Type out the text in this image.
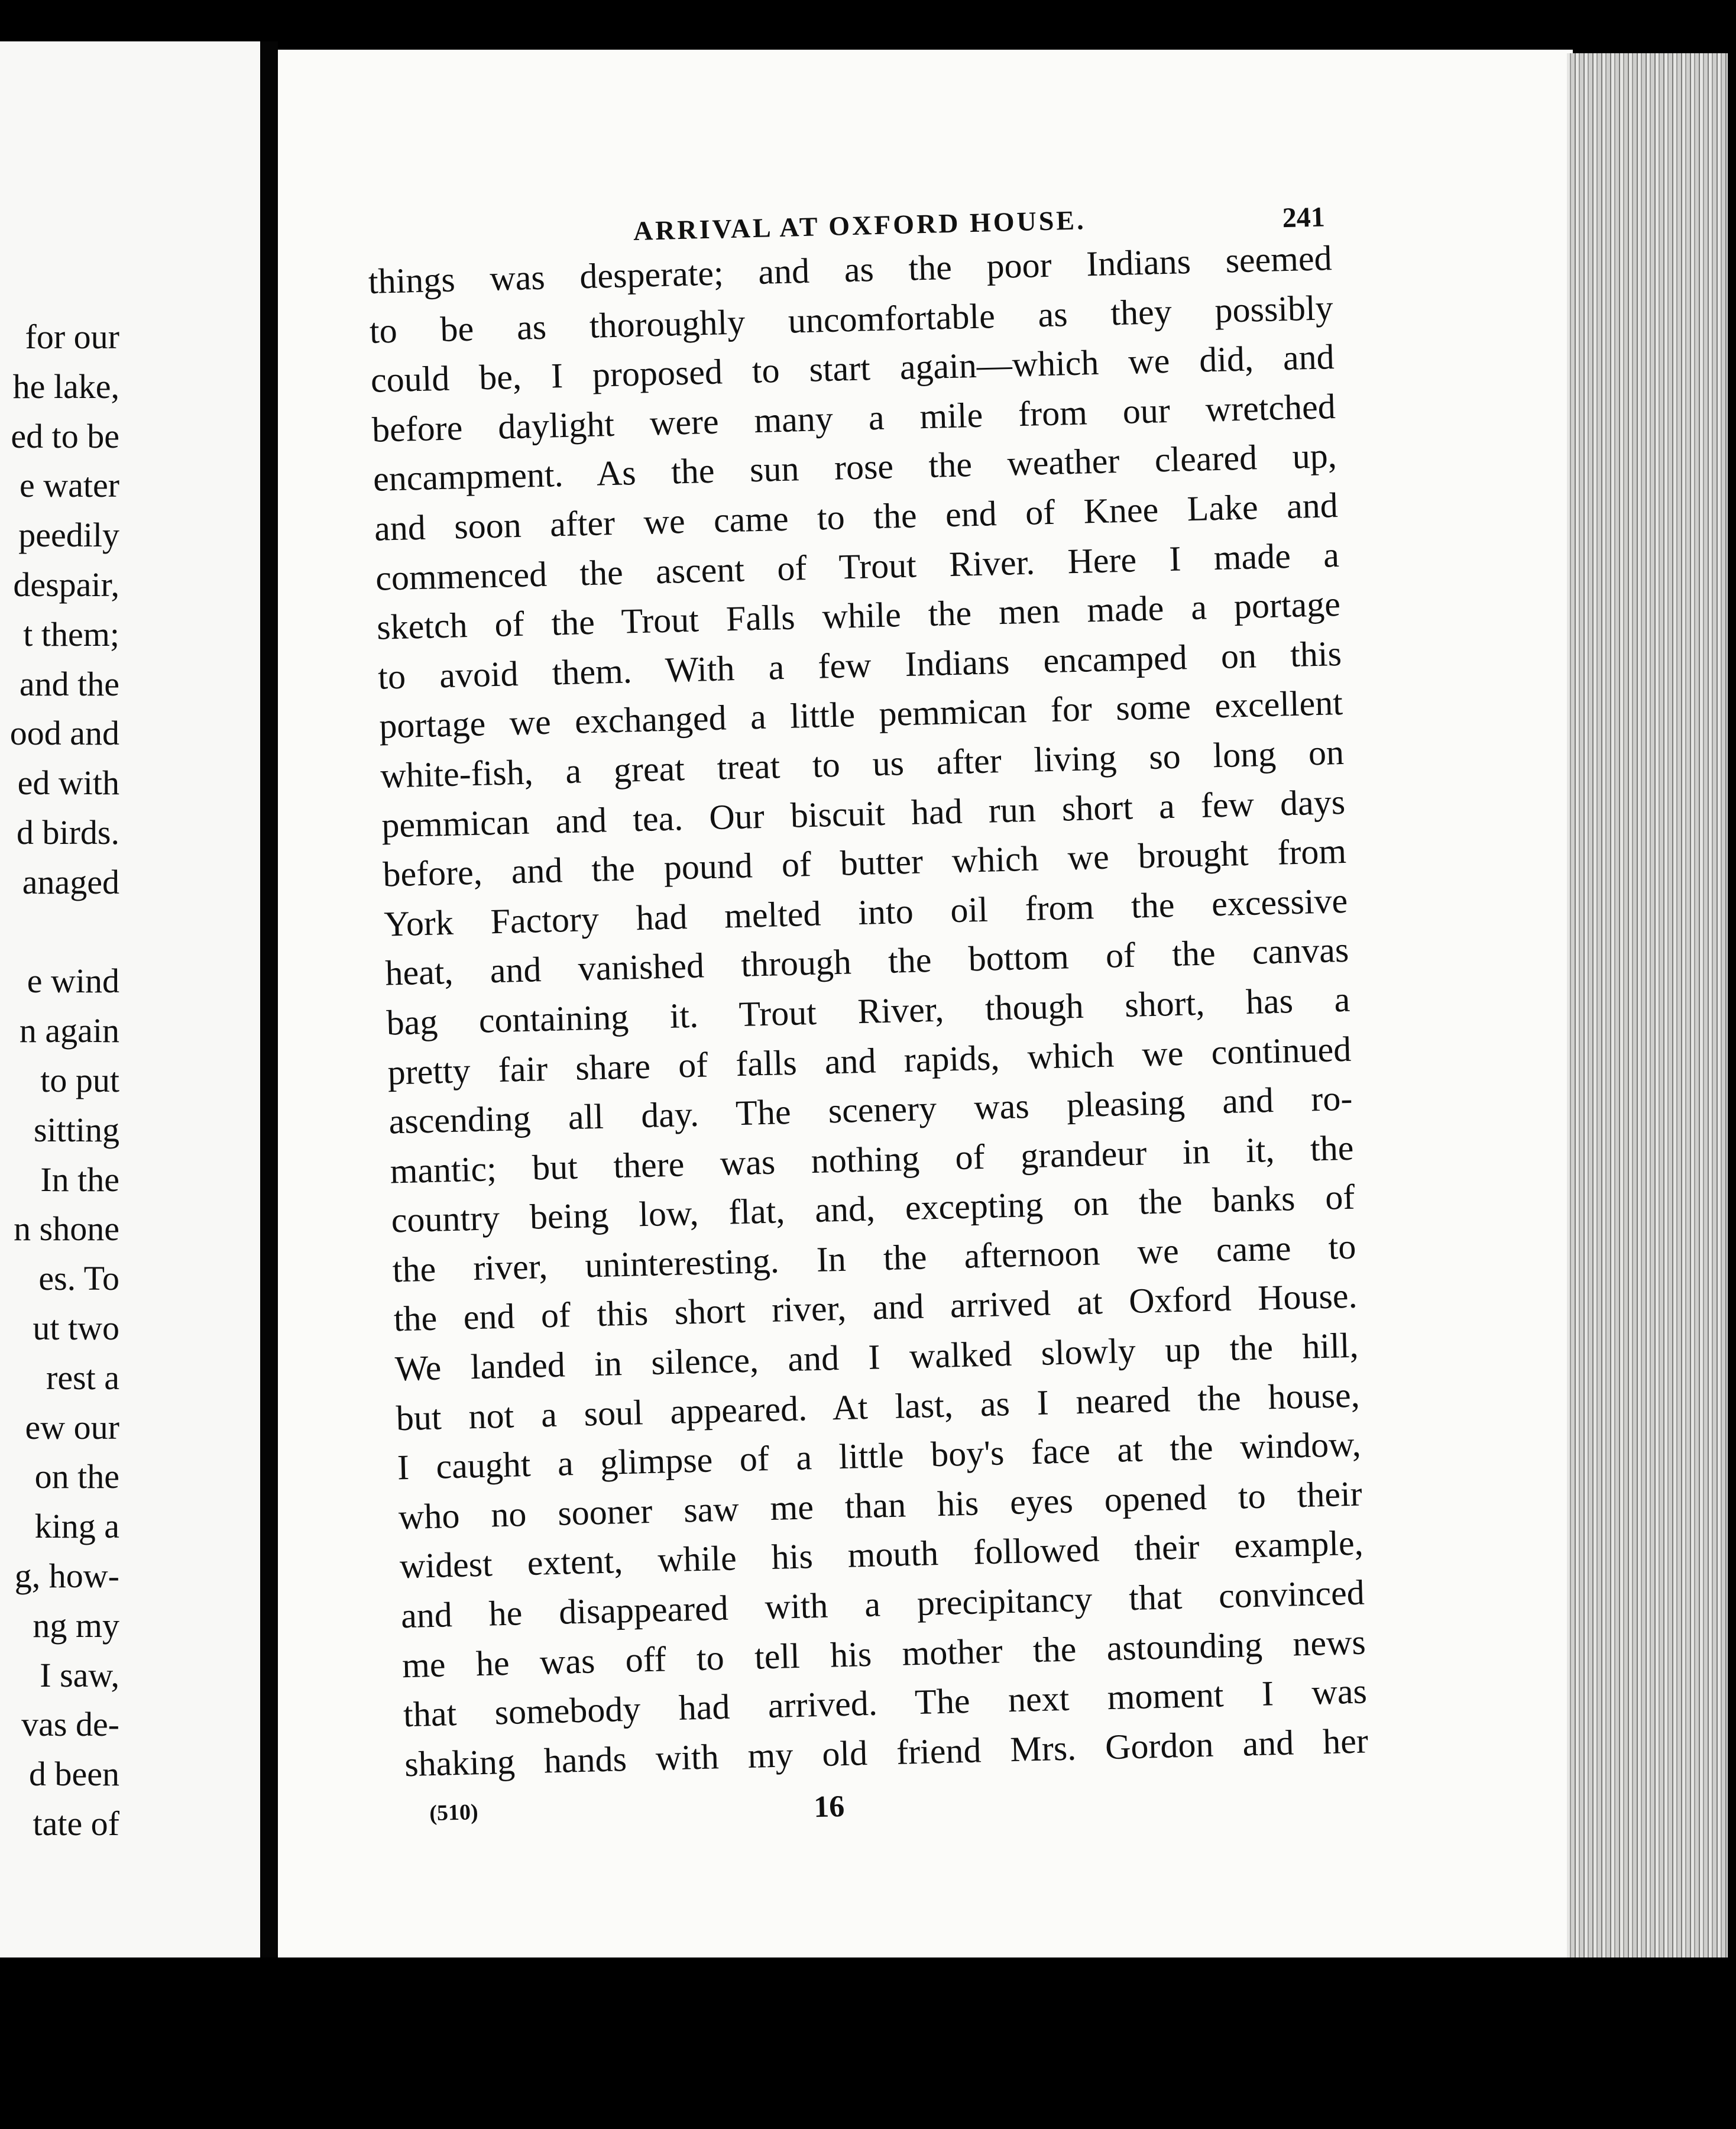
for our
he lake,
ed to be
e water
peedily
despair,
t them;
and the
ood and
ed with
d birds.
anaged
e wind
n again
to put
sitting
In the
n shone
es. To
ut two
rest a
ew our
on the
king a
g, how-
ng my
I saw,
vas de-
d been
tate of
ARRIVAL AT OXFORD HOUSE.	241
things was desperate; and as the poor Indians seemed
to be as thoroughly uncomfortable as they possibly
could be, I proposed to start again—which we did, and
before daylight were many a mile from our wretched
encampment. As the sun rose the weather cleared up,
and soon after we came to the end of Knee Lake and
commenced the ascent of Trout River. Here I made a
sketch of the Trout Falls while the men made a portage
to avoid them. With a few Indians encamped on this
portage we exchanged a little pemmican for some excellent
white-fish, a great treat to us after living so long on
pemmican and tea. Our biscuit had run short a few days
before, and the pound of butter which we brought from
York Factory had melted into oil from the excessive
heat, and vanished through the bottom of the canvas
bag containing it. Trout River, though short, has a
pretty fair share of falls and rapids, which we continued
ascending all day. The scenery was pleasing and ro-
mantic; but there was nothing of grandeur in it, the
country being low, flat, and, excepting on the banks of
the river, uninteresting. In the afternoon we came to
the end of this short river, and arrived at Oxford House.
We landed in silence, and I walked slowly up the hill,
but not a soul appeared. At last, as I neared the house,
I caught a glimpse of a little boy's face at the window,
who no sooner saw me than his eyes opened to their
widest extent, while his mouth followed their example,
and he disappeared with a precipitancy that convinced
me he was off to tell his mother the astounding news
that somebody had arrived. The next moment I was
shaking hands with my old friend Mrs. Gordon and her
(510)	16
